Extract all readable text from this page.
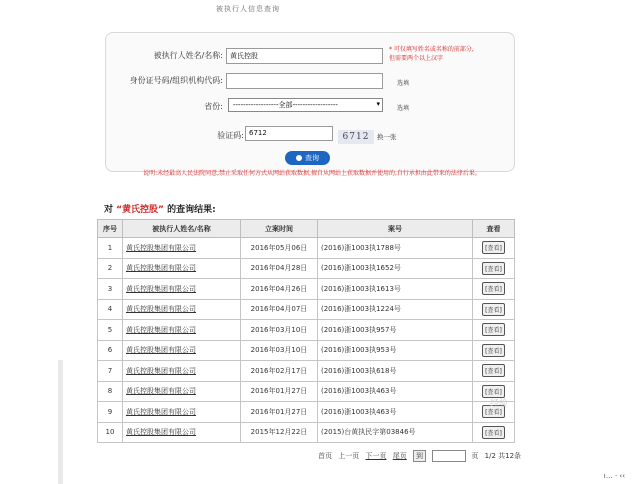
被执行人信息查询
被执行人姓名/名称:	黄氏控股
* 可仅填写姓名或名称的前部分,
但需要两个以上汉字
身份证号码/组织机构代码:	选填
省份:	------------------全部------------------	▾
选填
验证码: 6712	6712	换一张
查询
说明:未经最高人民法院同意,禁止采取任何方式从网站获取数据,擅自从网站上获取数据并使用的,自行承担由此带来的法律后果。
对 “黄氏控股” 的查询结果:
序号	被执行人姓名/名称	立案时间	案号	查看
1	黄氏控股集团有限公司	2016年05月06日	(2016)浙1003执1788号	[查看]
2	黄氏控股集团有限公司	2016年04月28日	(2016)浙1003执1652号	[查看]
3	黄氏控股集团有限公司	2016年04月26日	(2016)浙1003执1613号	[查看]
4	黄氏控股集团有限公司	2016年04月07日	(2016)浙1003执1224号	[查看]
5	黄氏控股集团有限公司	2016年03月10日	(2016)浙1003执957号	[查看]
6	黄氏控股集团有限公司	2016年03月10日	(2016)浙1003执953号	[查看]
7	黄氏控股集团有限公司	2016年02月17日	(2016)浙1003执618号	[查看]
8	黄氏控股集团有限公司	2016年01月27日	(2016)浙1003执463号	[查看]
9	黄氏控股集团有限公司	2016年01月27日	(2016)浙1003执463号	[查看]
10	黄氏控股集团有限公司	2015年12月22日	(2015)台黄执民字第03846号	[查看]
首页 上一页 下一页 尾页 到	页 1/2 共12条
经验
ı… · ‹‹
